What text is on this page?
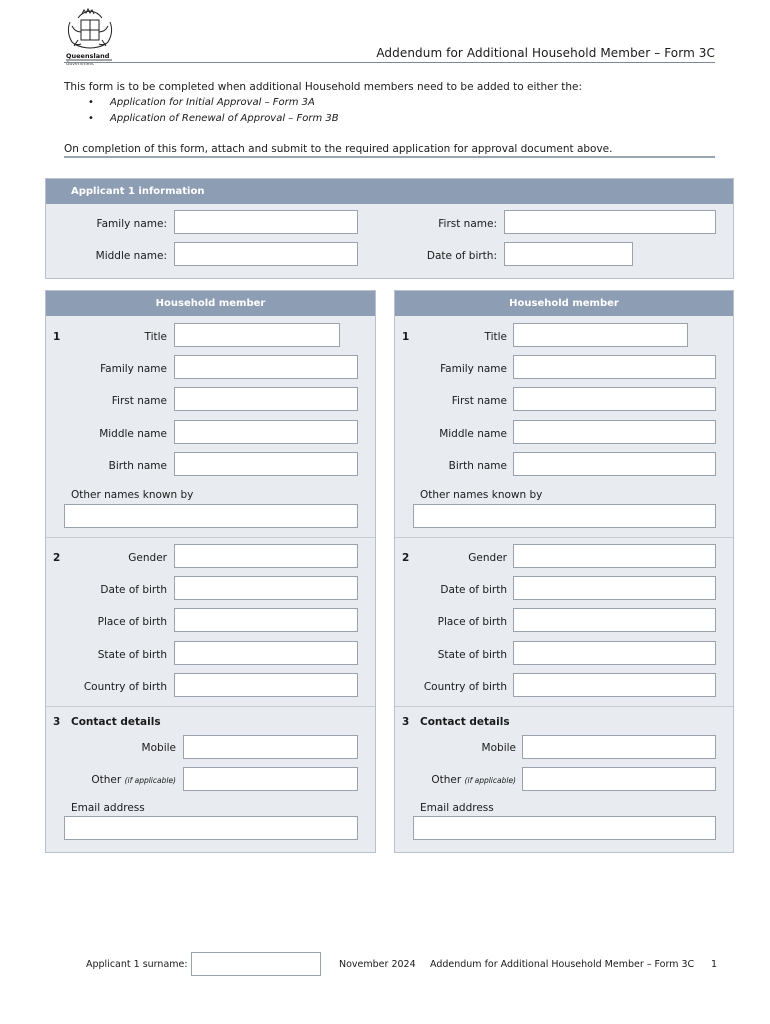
Queensland
Government
Addendum for Additional Household Member – Form 3C
This form is to be completed when additional Household members need to be added to either the:
• Application for Initial Approval – Form 3A
• Application of Renewal of Approval – Form 3B
On completion of this form, attach and submit to the required application for approval document above.
Applicant 1 information
Family name:	First name:
Middle name:	Date of birth:
Household member
1	Title
Family name
First name
Middle name
Birth name
Other names known by
2	Gender
Date of birth
Place of birth
State of birth
Country of birth
3 Contact details
Mobile
Other (if applicable)
Email address
Household member
1	Title
Family name
First name
Middle name
Birth name
Other names known by
2	Gender
Date of birth
Place of birth
State of birth
Country of birth
3 Contact details
Mobile
Other (if applicable)
Email address
Applicant 1 surname:	November 2024 Addendum for Additional Household Member – Form 3C 1
